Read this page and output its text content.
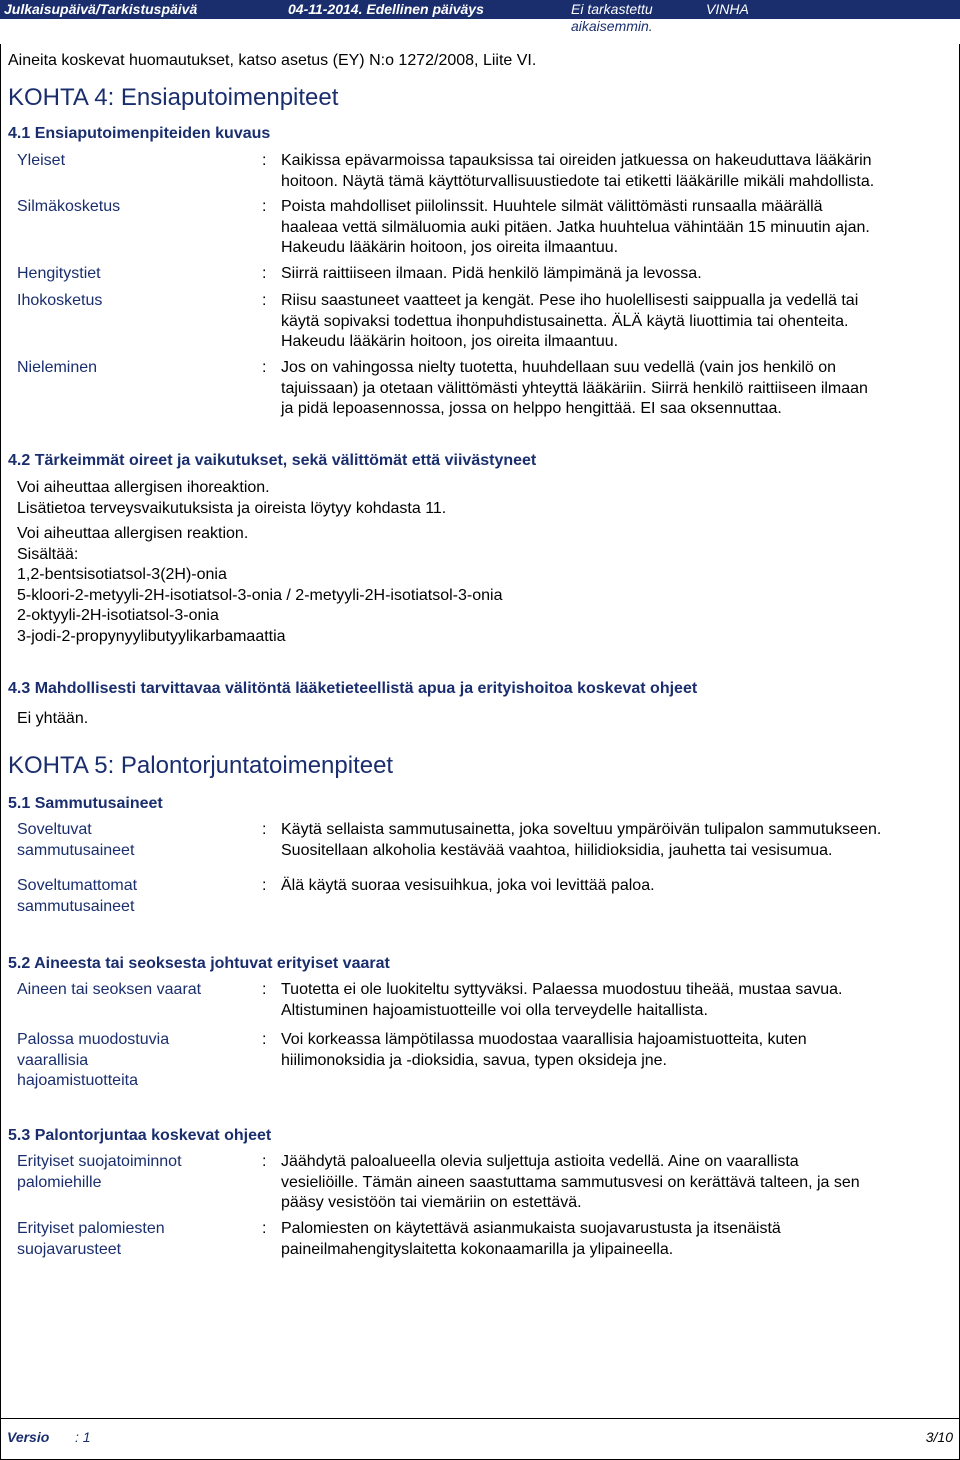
Julkaisupäivä/Tarkistuspäivä	04-11-2014. Edellinen päiväys	Ei tarkastettu
aikaisemmin.
VINHA
Aineita koskevat huomautukset, katso asetus (EY) N:o 1272/2008, Liite VI.
KOHTA 4: Ensiaputoimenpiteet
4.1 Ensiaputoimenpiteiden kuvaus
Yleiset	: Kaikissa epävarmoissa tapauksissa tai oireiden jatkuessa on hakeuduttava lääkärin
hoitoon. Näytä tämä käyttöturvallisuustiedote tai etiketti lääkärille mikäli mahdollista.
Silmäkosketus	: Poista mahdolliset piilolinssit. Huuhtele silmät välittömästi runsaalla määrällä
haaleaa vettä silmäluomia auki pitäen. Jatka huuhtelua vähintään 15 minuutin ajan.
Hakeudu lääkärin hoitoon, jos oireita ilmaantuu.
Hengitystiet	: Siirrä raittiiseen ilmaan. Pidä henkilö lämpimänä ja levossa.
Ihokosketus	: Riisu saastuneet vaatteet ja kengät. Pese iho huolellisesti saippualla ja vedellä tai
käytä sopivaksi todettua ihonpuhdistusainetta. ÄLÄ käytä liuottimia tai ohenteita.
Hakeudu lääkärin hoitoon, jos oireita ilmaantuu.
Nieleminen	: Jos on vahingossa nielty tuotetta, huuhdellaan suu vedellä (vain jos henkilö on
tajuissaan) ja otetaan välittömästi yhteyttä lääkäriin. Siirrä henkilö raittiiseen ilmaan
ja pidä lepoasennossa, jossa on helppo hengittää. EI saa oksennuttaa.
4.2 Tärkeimmät oireet ja vaikutukset, sekä välittömät että viivästyneet
Voi aiheuttaa allergisen ihoreaktion.
Lisätietoa terveysvaikutuksista ja oireista löytyy kohdasta 11.
Voi aiheuttaa allergisen reaktion.
Sisältää:
1,2-bentsisotiatsol-3(2H)-onia
5-kloori-2-metyyli-2H-isotiatsol-3-onia / 2-metyyli-2H-isotiatsol-3-onia
2-oktyyli-2H-isotiatsol-3-onia
3-jodi-2-propynyylibutyylikarbamaattia
4.3 Mahdollisesti tarvittavaa välitöntä lääketieteellistä apua ja erityishoitoa koskevat ohjeet
Ei yhtään.
KOHTA 5: Palontorjuntatoimenpiteet
5.1 Sammutusaineet
Soveltuvat
sammutusaineet
: Käytä sellaista sammutusainetta, joka soveltuu ympäröivän tulipalon sammutukseen.
Suositellaan alkoholia kestävää vaahtoa, hiilidioksidia, jauhetta tai vesisumua.
Soveltumattomat
sammutusaineet
: Älä käytä suoraa vesisuihkua, joka voi levittää paloa.
5.2 Aineesta tai seoksesta johtuvat erityiset vaarat
Aineen tai seoksen vaarat	: Tuotetta ei ole luokiteltu syttyväksi. Palaessa muodostuu tiheää, mustaa savua.
Altistuminen hajoamistuotteille voi olla terveydelle haitallista.
Palossa muodostuvia
vaarallisia
hajoamistuotteita
: Voi korkeassa lämpötilassa muodostaa vaarallisia hajoamistuotteita, kuten
hiilimonoksidia ja -dioksidia, savua, typen oksideja jne.
5.3 Palontorjuntaa koskevat ohjeet
Erityiset suojatoiminnot
palomiehille
: Jäähdytä paloalueella olevia suljettuja astioita vedellä. Aine on vaarallista
vesieliöille. Tämän aineen saastuttama sammutusvesi on kerättävä talteen, ja sen
pääsy vesistöön tai viemäriin on estettävä.
Erityiset palomiesten
suojavarusteet
: Palomiesten on käytettävä asianmukaista suojavarustusta ja itsenäistä
paineilmahengityslaitetta kokonaamarilla ja ylipaineella.
Versio : 1	3/10
